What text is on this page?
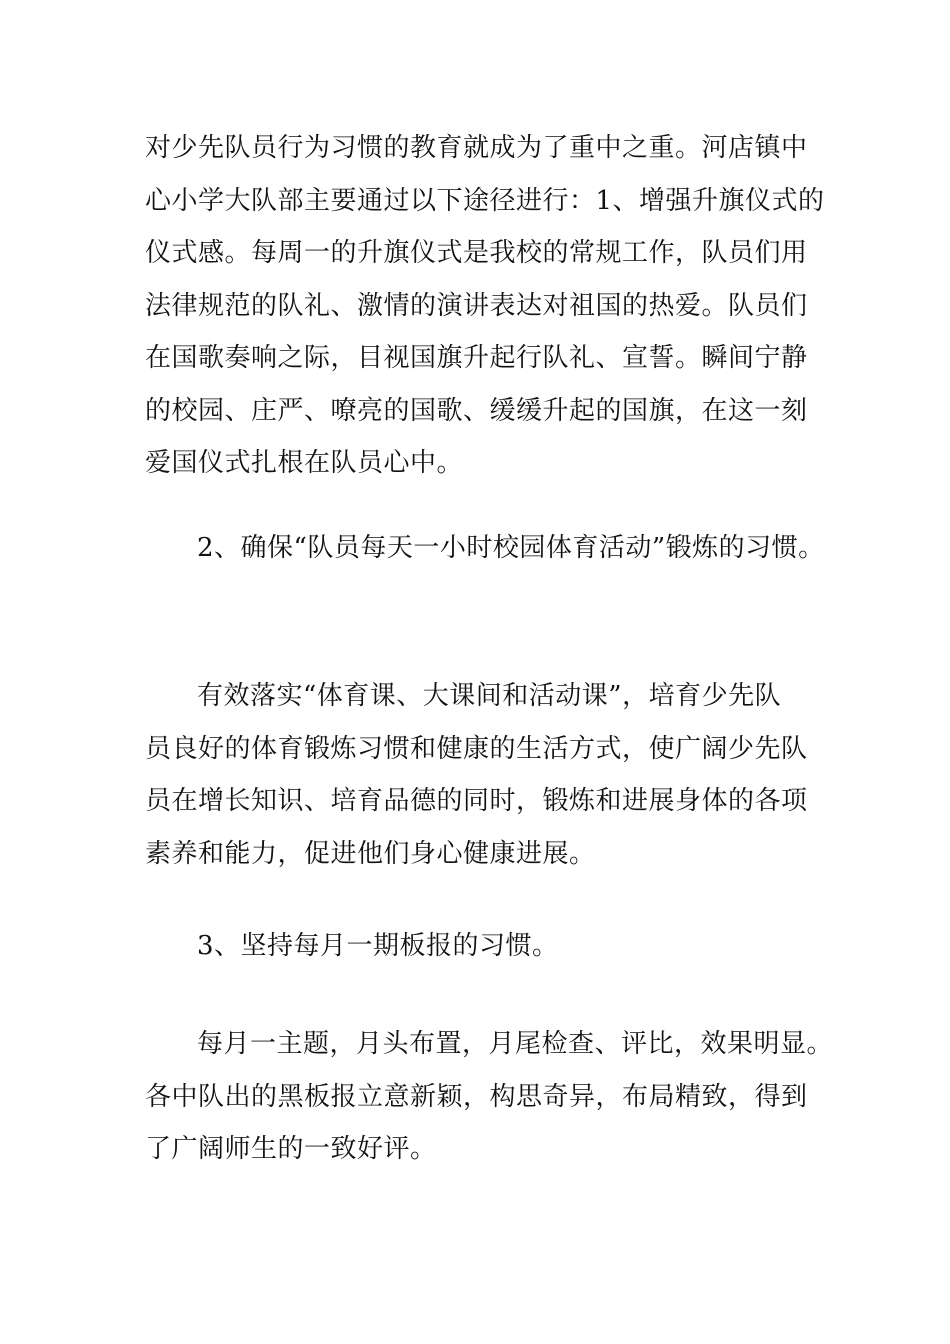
对少先队员行为习惯的教育就成为了重中之重。河店镇中
心小学大队部主要通过以下途径进行：1、增强升旗仪式的
仪式感。每周一的升旗仪式是我校的常规工作，队员们用
法律规范的队礼、激情的演讲表达对祖国的热爱。队员们
在国歌奏响之际，目视国旗升起行队礼、宣誓。瞬间宁静
的校园、庄严、嘹亮的国歌、缓缓升起的国旗，在这一刻
爱国仪式扎根在队员心中。
2、确保“队员每天一小时校园体育活动”锻炼的习惯。
有效落实“体育课、大课间和活动课”，培育少先队
员良好的体育锻炼习惯和健康的生活方式，使广阔少先队
员在增长知识、培育品德的同时，锻炼和进展身体的各项
素养和能力，促进他们身心健康进展。
3、坚持每月一期板报的习惯。
每月一主题，月头布置，月尾检查、评比，效果明显。
各中队出的黑板报立意新颖，构思奇异，布局精致，得到
了广阔师生的一致好评。
